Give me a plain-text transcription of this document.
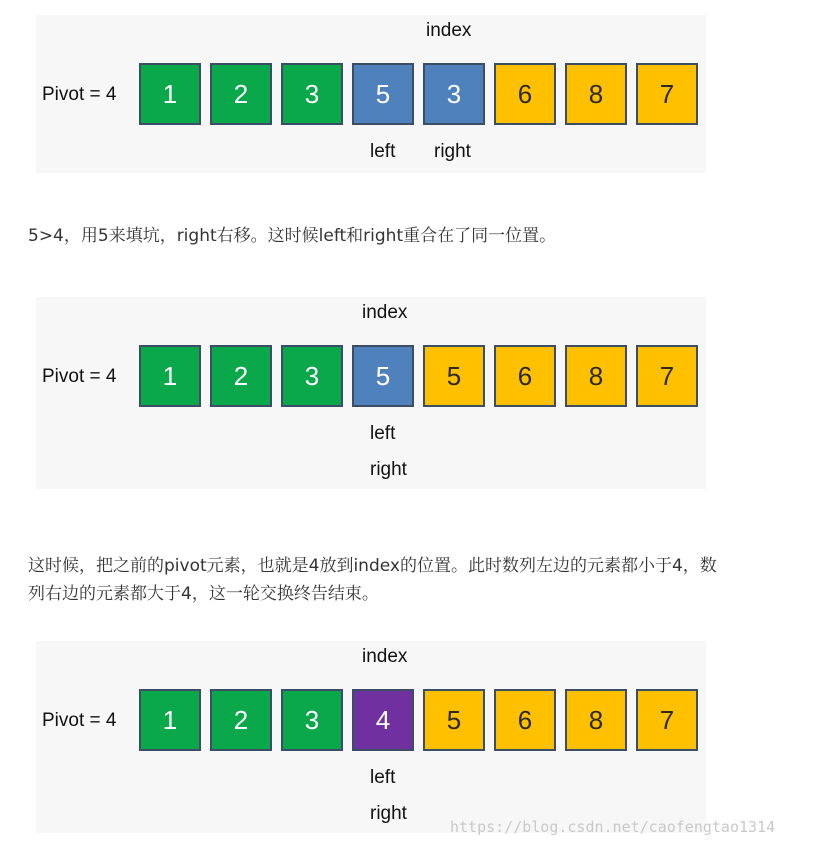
index
Pivot = 4	1	2	3	5	3	6	8	7
left right

5>4，用5来填坑，right右移。这时候left和right重合在了同一位置。

index
Pivot = 4	1	2	3	5	5	6	8	7
left
right

这时候，把之前的pivot元素，也就是4放到index的位置。此时数列左边的元素都小于4，数列右边的元素都大于4，这一轮交换终告结束。

index
Pivot = 4	1	2	3	4	5	6	8	7
left
right
https://blog.csdn.net/caofengtao1314
